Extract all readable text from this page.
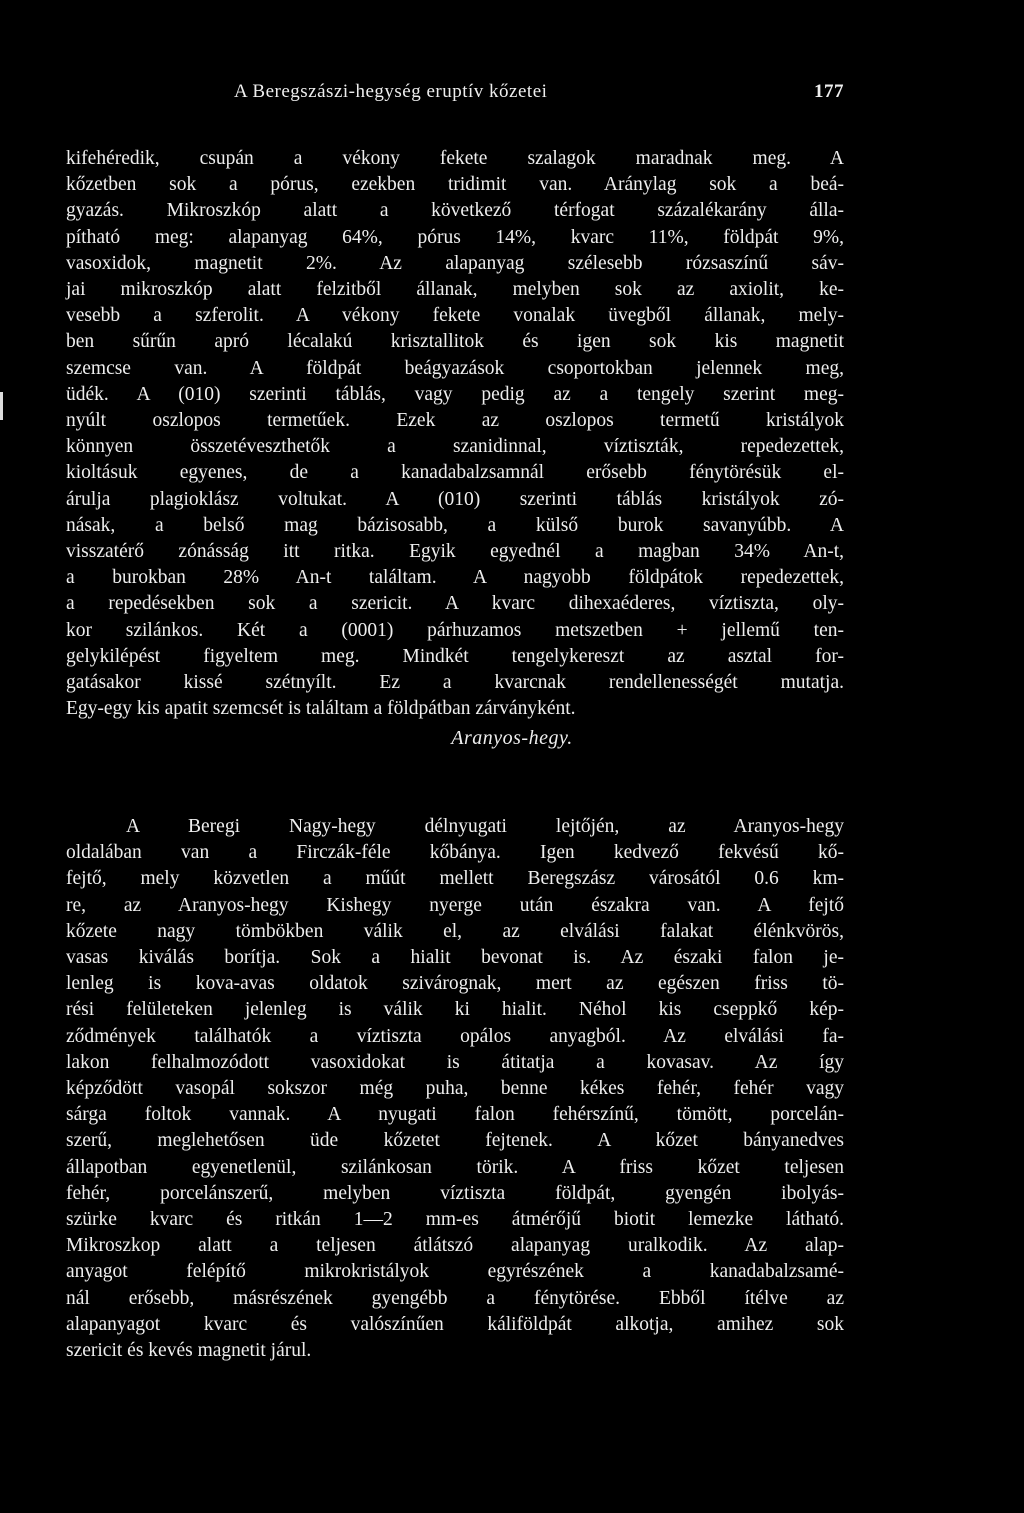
A Beregszászi-hegység eruptív kőzetei	177
kifehéredik, csupán a vékony fekete szalagok maradnak meg. A
kőzetben sok a pórus, ezekben tridimit van. Aránylag sok a beá-
gyazás. Mikroszkóp alatt a következő térfogat százalékarány álla-
pítható meg: alapanyag 64%, pórus 14%, kvarc 11%, földpát 9%,
vasoxidok, magnetit 2%. Az alapanyag szélesebb rózsaszínű sáv-
jai mikroszkóp alatt felzitből állanak, melyben sok az axiolit, ke-
vesebb a szferolit. A vékony fekete vonalak üvegből állanak, mely-
ben sűrűn apró lécalakú krisztallitok és igen sok kis magnetit
szemcse van. A földpát beágyazások csoportokban jelennek meg,
üdék. A (010) szerinti táblás, vagy pedig az a tengely szerint meg-
nyúlt oszlopos termetűek. Ezek az oszlopos termetű kristályok
könnyen összetéveszthetők a szanidinnal, víztiszták, repedezettek,
kioltásuk egyenes, de a kanadabalzsamnál erősebb fénytörésük el-
árulja plagioklász voltukat. A (010) szerinti táblás kristályok zó-
násak, a belső mag bázisosabb, a külső burok savanyúbb. A
visszatérő zónásság itt ritka. Egyik egyednél a magban 34% An-t,
a burokban 28% An-t találtam. A nagyobb földpátok repedezettek,
a repedésekben sok a szericit. A kvarc dihexaéderes, víztiszta, oly-
kor szilánkos. Két a (0001) párhuzamos metszetben + jellemű ten-
gelykilépést figyeltem meg. Mindkét tengelykereszt az asztal for-
gatásakor kissé szétnyílt. Ez a kvarcnak rendellenességét mutatja.
Egy-egy kis apatit szemcsét is találtam a földpátban zárványként.
Aranyos-hegy.
A Beregi Nagy-hegy délnyugati lejtőjén, az Aranyos-hegy
oldalában van a Firczák-féle kőbánya. Igen kedvező fekvésű kő-
fejtő, mely közvetlen a műút mellett Beregszász városától 0.6 km-
re, az Aranyos-hegy Kishegy nyerge után északra van. A fejtő
kőzete nagy tömbökben válik el, az elválási falakat élénkvörös,
vasas kiválás borítja. Sok a hialit bevonat is. Az északi falon je-
lenleg is kova-avas oldatok szivárognak, mert az egészen friss tö-
rési felületeken jelenleg is válik ki hialit. Néhol kis cseppkő kép-
ződmények találhatók a víztiszta opálos anyagból. Az elválási fa-
lakon felhalmozódott vasoxidokat is átitatja a kovasav. Az így
képződött vasopál sokszor még puha, benne kékes fehér, fehér vagy
sárga foltok vannak. A nyugati falon fehérszínű, tömött, porcelán-
szerű, meglehetősen üde kőzetet fejtenek. A kőzet bányanedves
állapotban egyenetlenül, szilánkosan törik. A friss kőzet teljesen
fehér, porcelánszerű, melyben víztiszta földpát, gyengén ibolyás-
szürke kvarc és ritkán 1—2 mm-es átmérőjű biotit lemezke látható.
Mikroszkop alatt a teljesen átlátszó alapanyag uralkodik. Az alap-
anyagot felépítő mikrokristályok egyrészének a kanadabalzsamé-
nál erősebb, másrészének gyengébb a fénytörése. Ebből ítélve az
alapanyagot kvarc és valószínűen káliföldpát alkotja, amihez sok
szericit és kevés magnetit járul.
